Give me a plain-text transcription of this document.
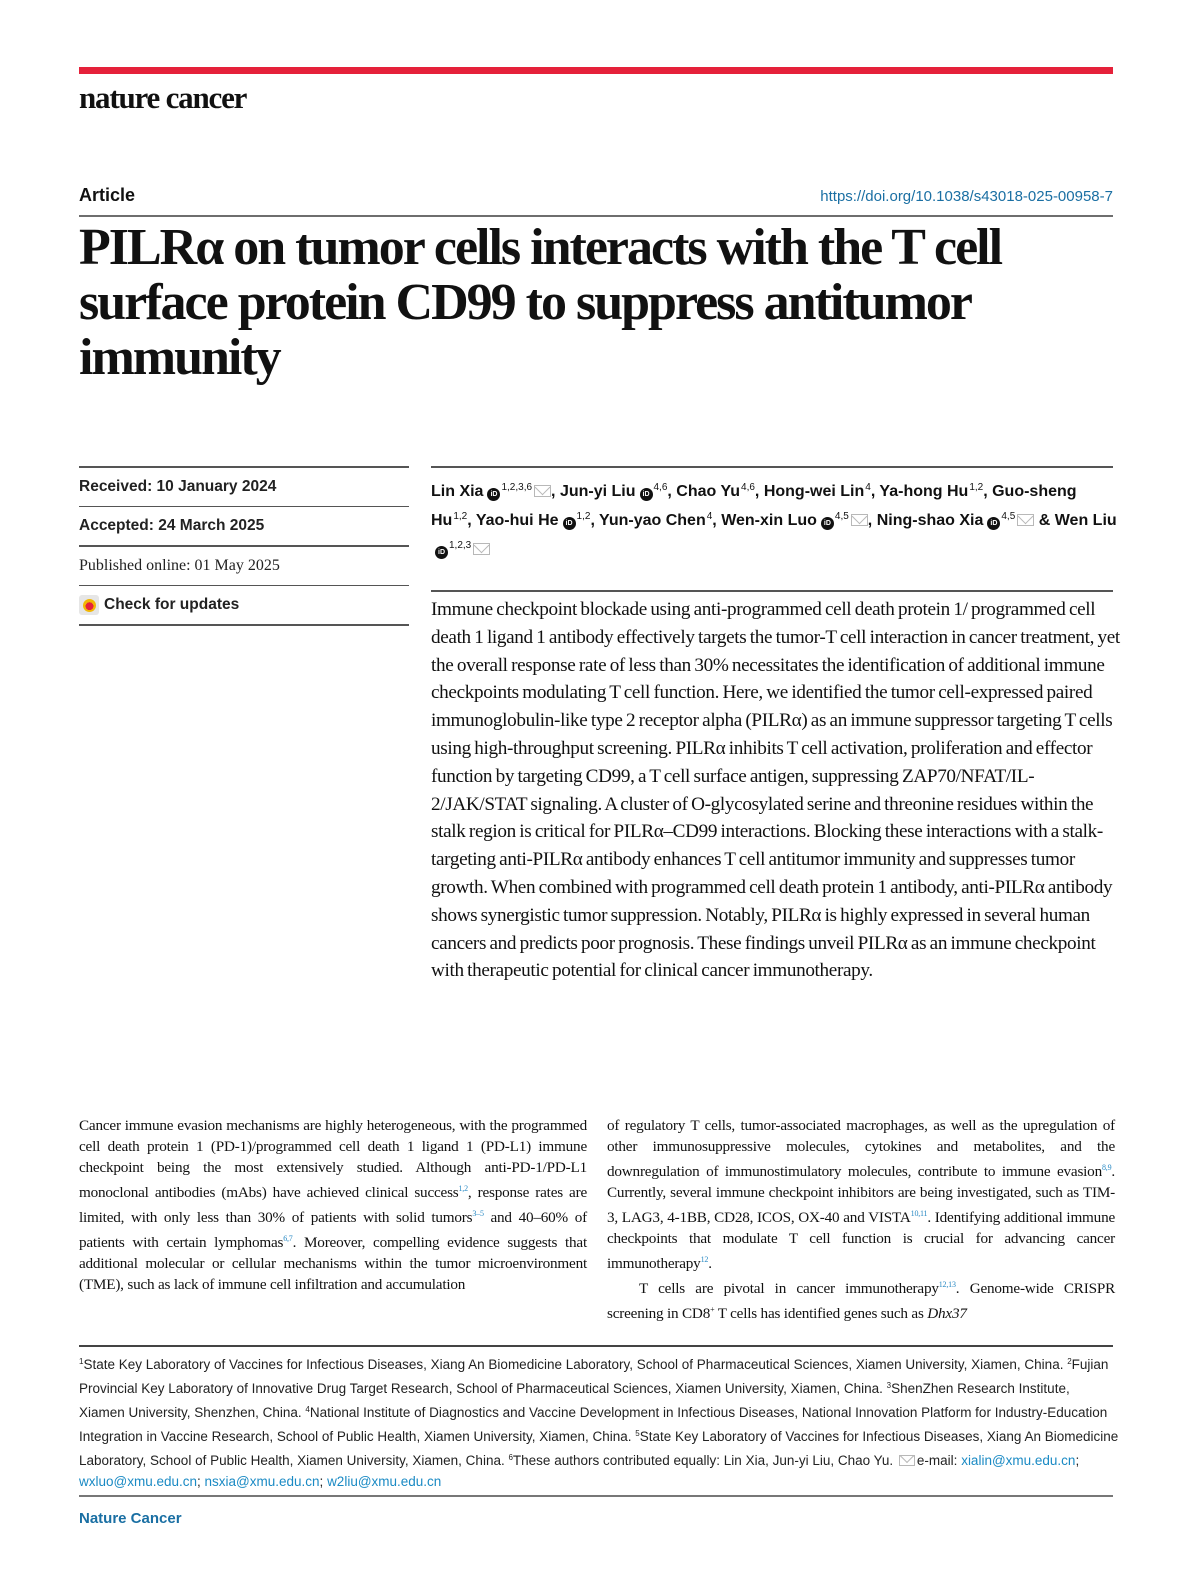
nature cancer
Article	https://doi.org/10.1038/s43018-025-00958-7
PILRα on tumor cells interacts with the T cell surface protein CD99 to suppress antitumor immunity
Received: 10 January 2024
Accepted: 24 March 2025
Published online: 01 May 2025
Check for updates
Lin Xia iD$^{1,2,3,6}$ , Jun-yi Liu iD$^{4,6}$, Chao Yu$^{4,6}$, Hong-wei Lin$^4$, Ya-hong Hu$^{1,2}$, Guo-sheng Hu$^{1,2}$, Yao-hui He iD$^{1,2}$, Yun-yao Chen$^4$, Wen-xin Luo iD$^{4,5}$ , Ning-shao Xia iD$^{4,5}$ & Wen LiuiD$^{1,2,3}$

Immune checkpoint blockade using anti-programmed cell death protein 1/ programmed cell death 1 ligand 1 antibody effectively targets the tumor-T cell interaction in cancer treatment, yet the overall response rate of less than 30% necessitates the identification of additional immune checkpoints modulating T cell function. Here, we identified the tumor cell-expressed paired immunoglobulin-like type 2 receptor alpha (PILRα) as an immune suppressor targeting T cells using high-throughput screening. PILRα inhibits T cell activation, proliferation and effector function by targeting CD99, a T cell surface antigen, suppressing ZAP70/NFAT/IL-2/JAK/STAT signaling. A cluster of O-glycosylated serine and threonine residues within the stalk region is critical for PILRα–CD99 interactions. Blocking these interactions with a stalk-targeting anti-PILRα antibody enhances T cell antitumor immunity and suppresses tumor growth. When combined with programmed cell death protein 1 antibody, anti-PILRα antibody shows synergistic tumor suppression. Notably, PILRα is highly expressed in several human cancers and predicts poor prognosis. These findings unveil PILRα as an immune checkpoint with therapeutic potential for clinical cancer immunotherapy.

Cancer immune evasion mechanisms are highly heterogeneous, with the programmed cell death protein 1 (PD-1)/programmed cell death 1 ligand 1 (PD-L1) immune checkpoint being the most extensively studied. Although anti-PD-1/PD-L1 monoclonal antibodies (mAbs) have achieved clinical success$^{1,2}$, response rates are limited, with only less than 30% of patients with solid tumors$^{3-5}$ and 40–60% of patients with certain lymphomas$^{6,7}$. Moreover, compelling evidence suggests that additional molecular or cellular mechanisms within the tumor microenvironment (TME), such as lack of immune cell infiltration and accumulation

of regulatory T cells, tumor-associated macrophages, as well as the upregulation of other immunosuppressive molecules, cytokines and metabolites, and the downregulation of immunostimulatory molecules, contribute to immune evasion$^{8,9}$. Currently, several immune checkpoint inhibitors are being investigated, such as TIM-3, LAG3, 4-1BB, CD28, ICOS, OX-40 and VISTA$^{10,11}$. Identifying additional immune checkpoints that modulate T cell function is crucial for advancing cancer immunotherapy$^{12}$.

T cells are pivotal in cancer immunotherapy$^{12,13}$. Genome-wide CRISPR screening in CD8+ T cells has identified genes such as Dhx37

$^1$State Key Laboratory of Vaccines for Infectious Diseases, Xiang An Biomedicine Laboratory, School of Pharmaceutical Sciences, Xiamen University, Xiamen, China. $^2$Fujian Provincial Key Laboratory of Innovative Drug Target Research, School of Pharmaceutical Sciences, Xiamen University, Xiamen, China. $^3$ShenZhen Research Institute, Xiamen University, Shenzhen, China. $^4$National Institute of Diagnostics and Vaccine Development in Infectious Diseases, National Innovation Platform for Industry-Education Integration in Vaccine Research, School of Public Health, Xiamen University, Xiamen, China. $^5$State Key Laboratory of Vaccines for Infectious Diseases, Xiang An Biomedicine Laboratory, School of Public Health, Xiamen University, Xiamen, China. $^6$These authors contributed equally: Lin Xia, Jun-yi Liu, Chao Yu. e-mail: xialin@xmu.edu.cn; wxluo@xmu.edu.cn; nsxia@xmu.edu.cn; w2liu@xmu.edu.cn
Nature Cancer
